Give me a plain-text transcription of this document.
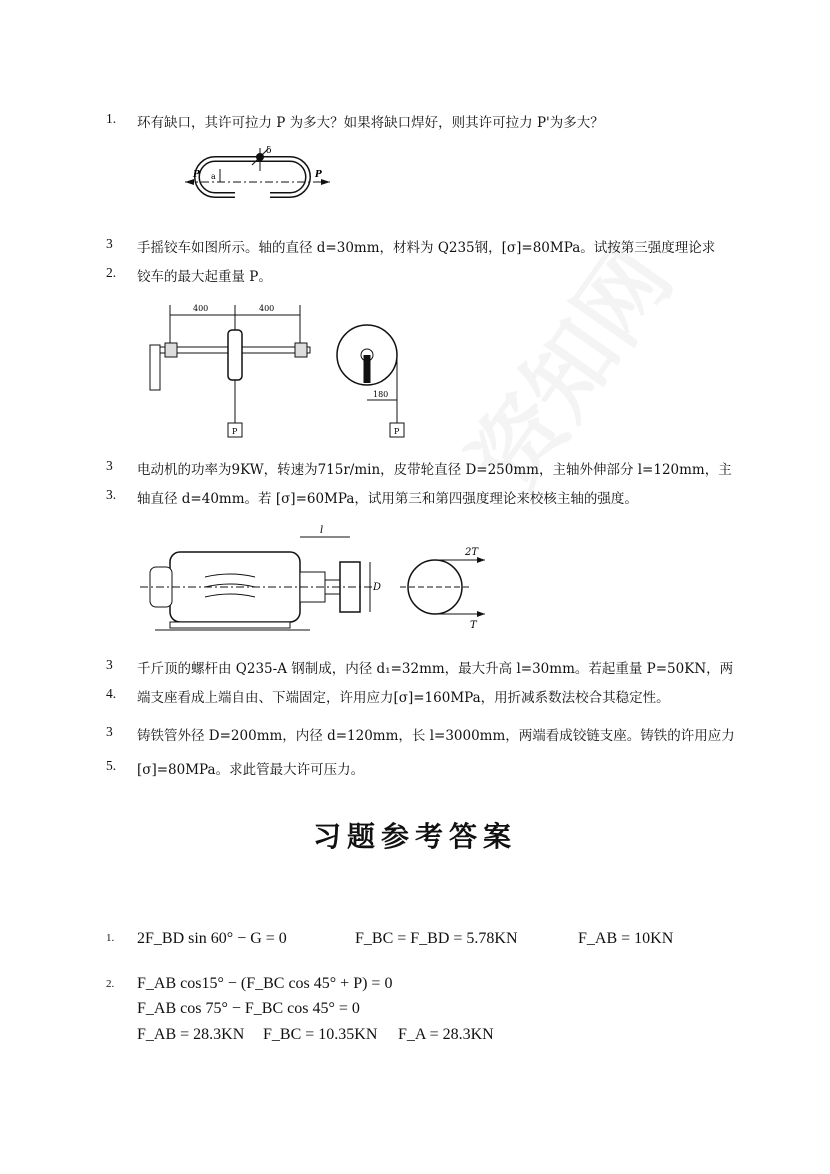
1. 环有缺口，其许可拉力 P 为多大？如果将缺口焊好，则其许可拉力 P'为多大？
P	P
a
δ
3 手摇铰车如图所示。轴的直径 d=30mm，材料为 Q235钢，[σ]=80MPa。试按第三强度理论求
2. 铰车的最大起重量 P。
400	400
P
180
P
3 电动机的功率为9KW，转速为715r/min，皮带轮直径 D=250mm，主轴外伸部分 l=120mm，主
3. 轴直径 d=40mm。若 [σ]=60MPa，试用第三和第四强度理论来校核主轴的强度。
l
D
2T
T
3 千斤顶的螺杆由 Q235-A 钢制成，内径 d₁=32mm，最大升高 l=30mm。若起重量 P=50KN，两
4. 端支座看成上端自由、下端固定，许用应力[σ]=160MPa，用折减系数法校合其稳定性。
3 铸铁管外径 D=200mm，内径 d=120mm，长 l=3000mm，两端看成铰链支座。铸铁的许用应力
5. [σ]=80MPa。求此管最大许可压力。
习题参考答案
1. 2F_BD sin 60° − G = 0	F_BC = F_BD = 5.78KN	F_AB = 10KN
2. F_AB cos15° − (F_BC cos 45° + P) = 0
F_AB cos 75° − F_BC cos 45° = 0
F_AB = 28.3KN F_BC = 10.35KN F_A = 28.3KN
